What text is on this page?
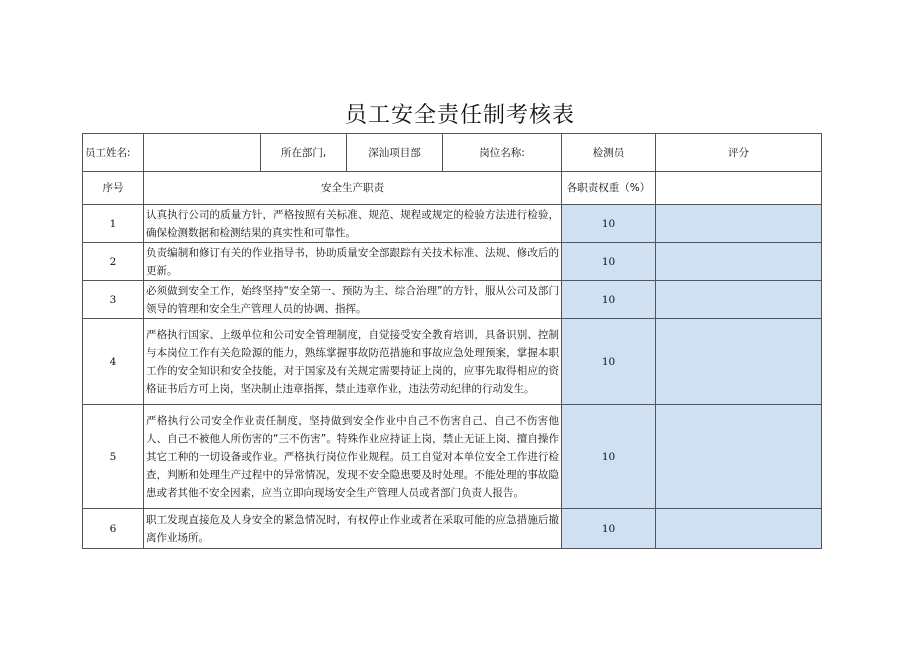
员工安全责任制考核表
员工姓名:		所在部门,	深汕项目部	岗位名称:	检测员	评分
序号	安全生产职责				各职责权重（%）	
1	认真执行公司的质量方针，严格按照有关标准、规范、规程或规定的检验方法进行检验，确保检测数据和检测结果的真实性和可靠性。				10	
2	负责编制和修订有关的作业指导书，协助质量安全部跟踪有关技术标准、法规、修改后的更新。				10	
3	必须做到安全工作，始终坚持“安全第一、预防为主、综合治理”的方针，服从公司及部门领导的管理和安全生产管理人员的协调、指挥。				10	
4	严格执行国家、上级单位和公司安全管理制度，自觉接受安全教育培训，具备识别、控制与本岗位工作有关危险源的能力，熟练掌握事故防范措施和事故应急处理预案，掌握本职工作的安全知识和安全技能，对于国家及有关规定需要持证上岗的，应事先取得相应的资格证书后方可上岗，坚决制止违章指挥，禁止违章作业，违法劳动纪律的行动发生。				10	
5	严格执行公司安全作业责任制度，坚持做到安全作业中自己不伤害自己、自己不伤害他人、自己不被他人所伤害的“三不伤害”。特殊作业应持证上岗，禁止无证上岗、擅自操作其它工种的一切设备或作业。严格执行岗位作业规程。员工自觉对本单位安全工作进行检查，判断和处理生产过程中的异常情况，发现不安全隐患要及时处理。不能处理的事故隐患或者其他不安全因素，应当立即向现场安全生产管理人员或者部门负责人报告。				10	
6	职工发现直接危及人身安全的紧急情况时，有权停止作业或者在采取可能的应急措施后撤离作业场所。				10	
